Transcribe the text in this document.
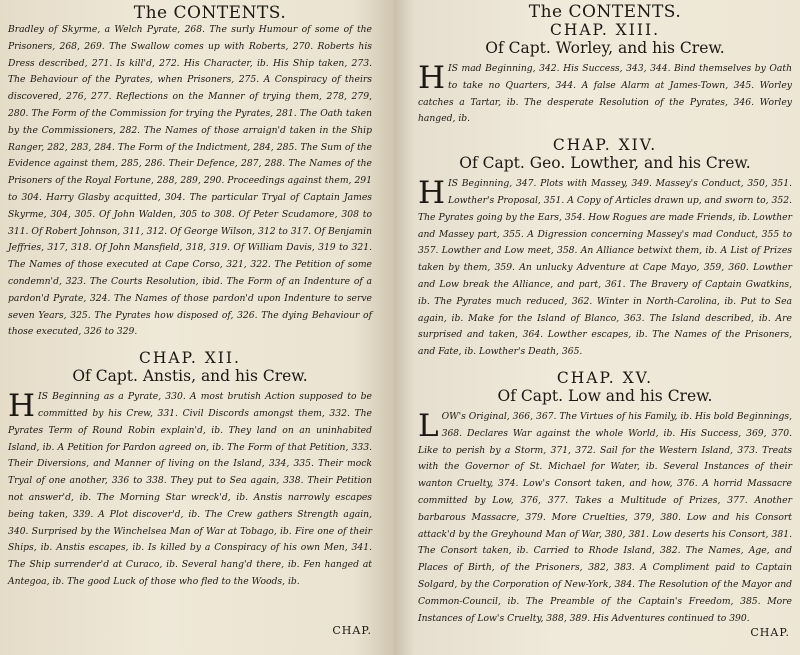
The CONTENTS.

Bradley of Skyrme, a Welch Pyrate, 268. The surly Humour of some of the Prisoners, 268, 269. The Swallow comes up with Roberts, 270. Roberts his Dress described, 271. Is kill'd, 272. His Character, ib. His Ship taken, 273. The Behaviour of the Pyrates, when Prisoners, 275. A Conspiracy of theirs discovered, 276, 277. Reflections on the Manner of trying them, 278, 279, 280. The Form of the Commission for trying the Pyrates, 281. The Oath taken by the Commissioners, 282. The Names of those arraign'd taken in the Ship Ranger, 282, 283, 284. The Form of the Indictment, 284, 285. The Sum of the Evidence against them, 285, 286. Their Defence, 287, 288. The Names of the Prisoners of the Royal Fortune, 288, 289, 290. Proceedings against them, 291 to 304. Harry Glasby acquitted, 304. The particular Tryal of Captain James Skyrme, 304, 305. Of John Walden, 305 to 308. Of Peter Scudamore, 308 to 311. Of Robert Johnson, 311, 312. Of George Wilson, 312 to 317. Of Benjamin Jeffries, 317, 318. Of John Mansfield, 318, 319. Of William Davis, 319 to 321. The Names of those executed at Cape Corso, 321, 322. The Petition of some condemn'd, 323. The Courts Resolution, ibid. The Form of an Indenture of a pardon'd Pyrate, 324. The Names of those pardon'd upon Indenture to serve seven Years, 325. The Pyrates how disposed of, 326. The dying Behaviour of those executed, 326 to 329.

CHAP. XII.
Of Capt. Anstis, and his Crew.

HIS Beginning as a Pyrate, 330. A most brutish Action supposed to be committed by his Crew, 331. Civil Discords amongst them, 332. The Pyrates Term of Round Robin explain'd, ib. They land on an uninhabited Island, ib. A Petition for Pardon agreed on, ib. The Form of that Petition, 333. Their Diversions, and Manner of living on the Island, 334, 335. Their mock Tryal of one another, 336 to 338. They put to Sea again, 338. Their Petition not answer'd, ib. The Morning Star wreck'd, ib. Anstis narrowly escapes being taken, 339. A Plot discover'd, ib. The Crew gathers Strength again, 340. Surprised by the Winchelsea Man of War at Tobago, ib. Fire one of their Ships, ib. Anstis escapes, ib. Is killed by a Conspiracy of his own Men, 341. The Ship surrender'd at Curaco, ib. Several hang'd there, ib. Fen hanged at Antegoa, ib. The good Luck of those who fled to the Woods, ib.

CHAP.
The CONTENTS.
CHAP. XIII.
Of Capt. Worley, and his Crew.

HIS mad Beginning, 342. His Success, 343, 344. Bind themselves by Oath to take no Quarters, 344. A false Alarm at James-Town, 345. Worley catches a Tartar, ib. The desperate Resolution of the Pyrates, 346. Worley hanged, ib.

CHAP. XIV.
Of Capt. Geo. Lowther, and his Crew.

HIS Beginning, 347. Plots with Massey, 349. Massey's Conduct, 350, 351. Lowther's Proposal, 351. A Copy of Articles drawn up, and sworn to, 352. The Pyrates going by the Ears, 354. How Rogues are made Friends, ib. Lowther and Massey part, 355. A Digression concerning Massey's mad Conduct, 355 to 357. Lowther and Low meet, 358. An Alliance betwixt them, ib. A List of Prizes taken by them, 359. An unlucky Adventure at Cape Mayo, 359, 360. Lowther and Low break the Alliance, and part, 361. The Bravery of Captain Gwatkins, ib. The Pyrates much reduced, 362. Winter in North-Carolina, ib. Put to Sea again, ib. Make for the Island of Blanco, 363. The Island described, ib. Are surprised and taken, 364. Lowther escapes, ib. The Names of the Prisoners, and Fate, ib. Lowther's Death, 365.

CHAP. XV.
Of Capt. Low and his Crew.

LOW's Original, 366, 367. The Virtues of his Family, ib. His bold Beginnings, 368. Declares War against the whole World, ib. His Success, 369, 370. Like to perish by a Storm, 371, 372. Sail for the Western Island, 373. Treats with the Governor of St. Michael for Water, ib. Several Instances of their wanton Cruelty, 374. Low's Consort taken, and how, 376. A horrid Massacre committed by Low, 376, 377. Takes a Multitude of Prizes, 377. Another barbarous Massacre, 379. More Cruelties, 379, 380. Low and his Consort attack'd by the Greyhound Man of War, 380, 381. Low deserts his Consort, 381. The Consort taken, ib. Carried to Rhode Island, 382. The Names, Age, and Places of Birth, of the Prisoners, 382, 383. A Compliment paid to Captain Solgard, by the Corporation of New-York, 384. The Resolution of the Mayor and Common-Council, ib. The Preamble of the Captain's Freedom, 385. More Instances of Low's Cruelty, 388, 389. His Adventures continued to 390.

CHAP.
